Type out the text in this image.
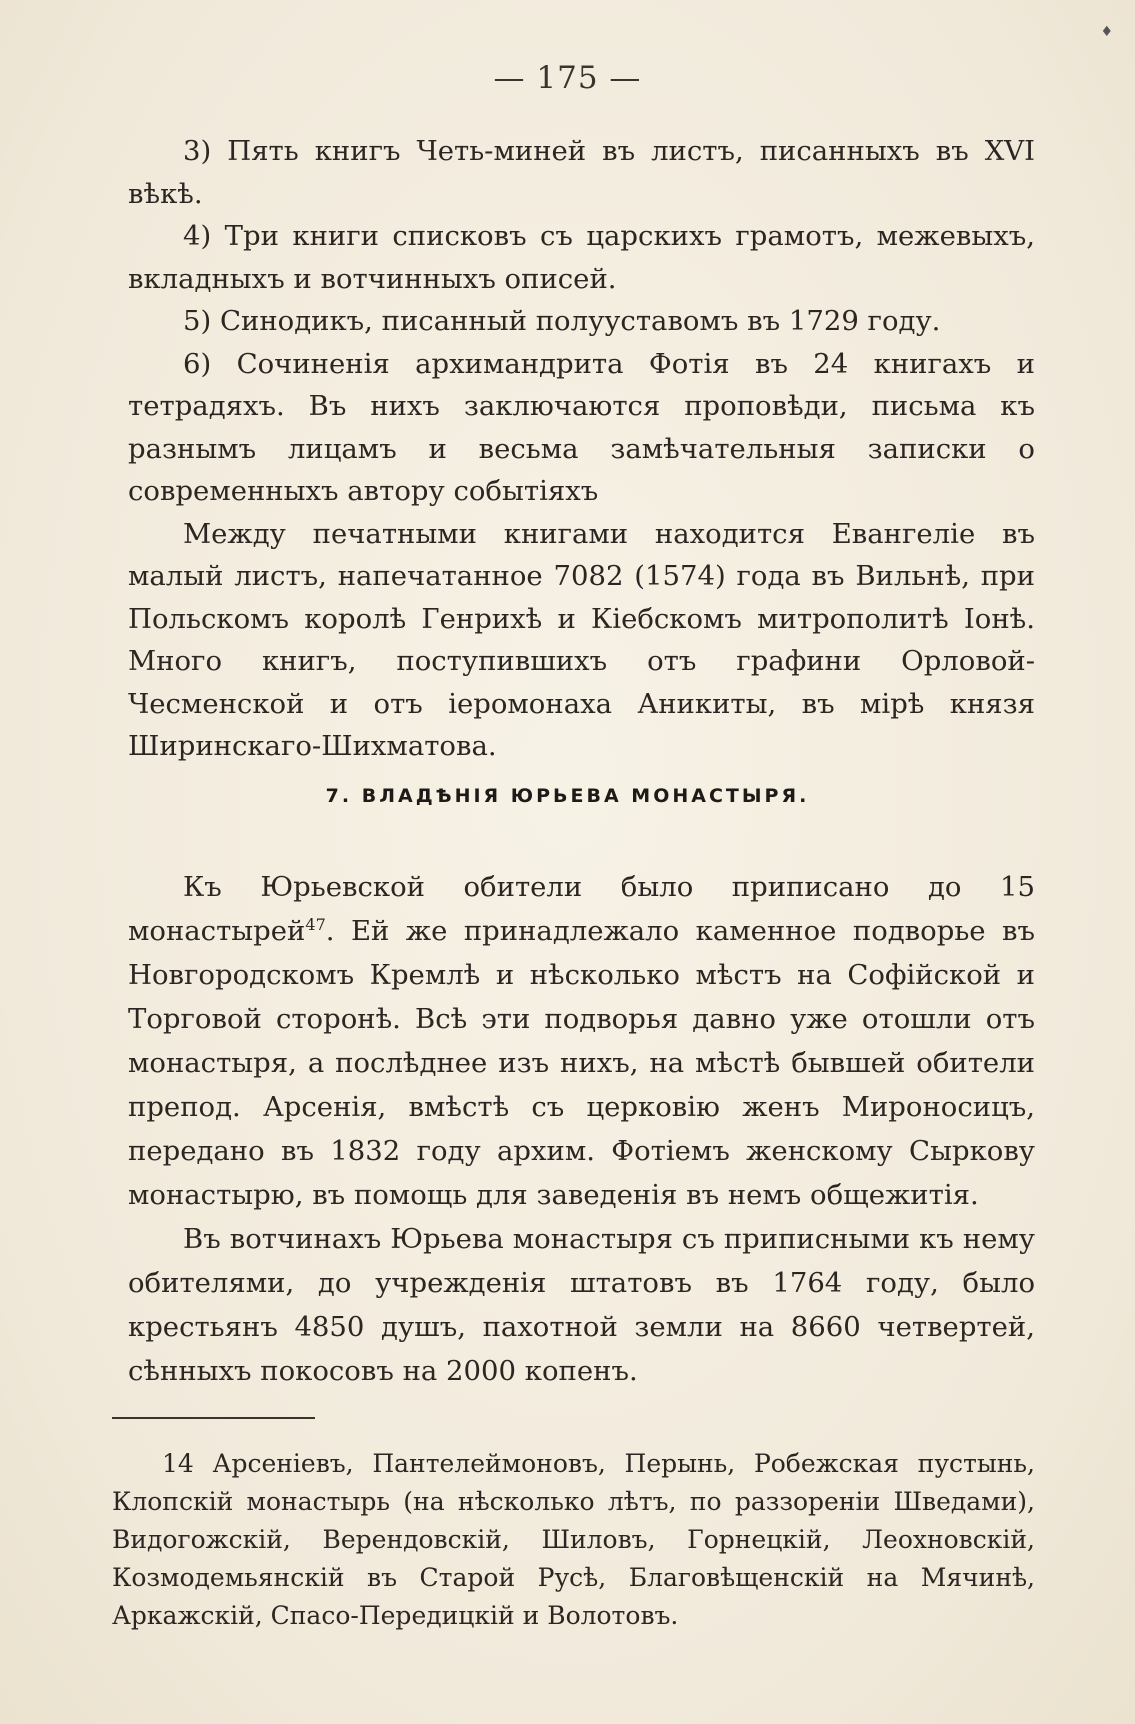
♦
— 175 —

3) Пять книгъ Четь-миней въ листъ, писанныхъ въ XVI вѣкѣ.

4) Три книги списковъ съ царскихъ грамотъ, межевыхъ, вкладныхъ и вотчинныхъ описей.

5) Синодикъ, писанный полууставомъ въ 1729 году.

6) Сочиненія архимандрита Фотія въ 24 книгахъ и тетрадяхъ. Въ нихъ заключаются проповѣди, письма къ разнымъ лицамъ и весьма замѣчательныя записки о современныхъ автору событіяхъ

Между печатными книгами находится Евангеліе въ малый листъ, напечатанное 7082 (1574) года въ Вильнѣ, при Польскомъ королѣ Генрихѣ и Кіебскомъ митрополитѣ Іонѣ. Много книгъ, поступившихъ отъ графини Орловой-Чесменской и отъ іеромонаха Аникиты, въ мірѣ князя Ширинскаго-Шихматова.

7. ВЛАДѢНІЯ ЮРЬЕВА МОНАСТЫРЯ.

Къ Юрьевской обители было приписано до 15 монастырей$^{47}$. Ей же принадлежало каменное подворье въ Новгородскомъ Кремлѣ и нѣсколько мѣстъ на Софійской и Торговой сторонѣ. Всѣ эти подворья давно уже отошли отъ монастыря, а послѣднее изъ нихъ, на мѣстѣ бывшей обители препод. Арсенія, вмѣстѣ съ церковію женъ Мироносицъ, передано въ 1832 году архим. Фотіемъ женскому Сыркову монастырю, въ помощь для заведенія въ немъ общежитія.

Въ вотчинахъ Юрьева монастыря съ приписными къ нему обителями, до учрежденія штатовъ въ 1764 году, было крестьянъ 4850 душъ, пахотной земли на 8660 четвертей, сѣнныхъ покосовъ на 2000 копенъ.

14 Арсеніевъ, Пантелеймоновъ, Перынь, Робежская пустынь, Клопскій монастырь (на нѣсколько лѣтъ, по раззореніи Шведами), Видогожскій, Верендовскій, Шиловъ, Горнецкій, Леохновскій, Козмодемьянскій въ Старой Русѣ, Благовѣщенскій на Мячинѣ, Аркажскій, Спасо-Передицкій и Волотовъ.
